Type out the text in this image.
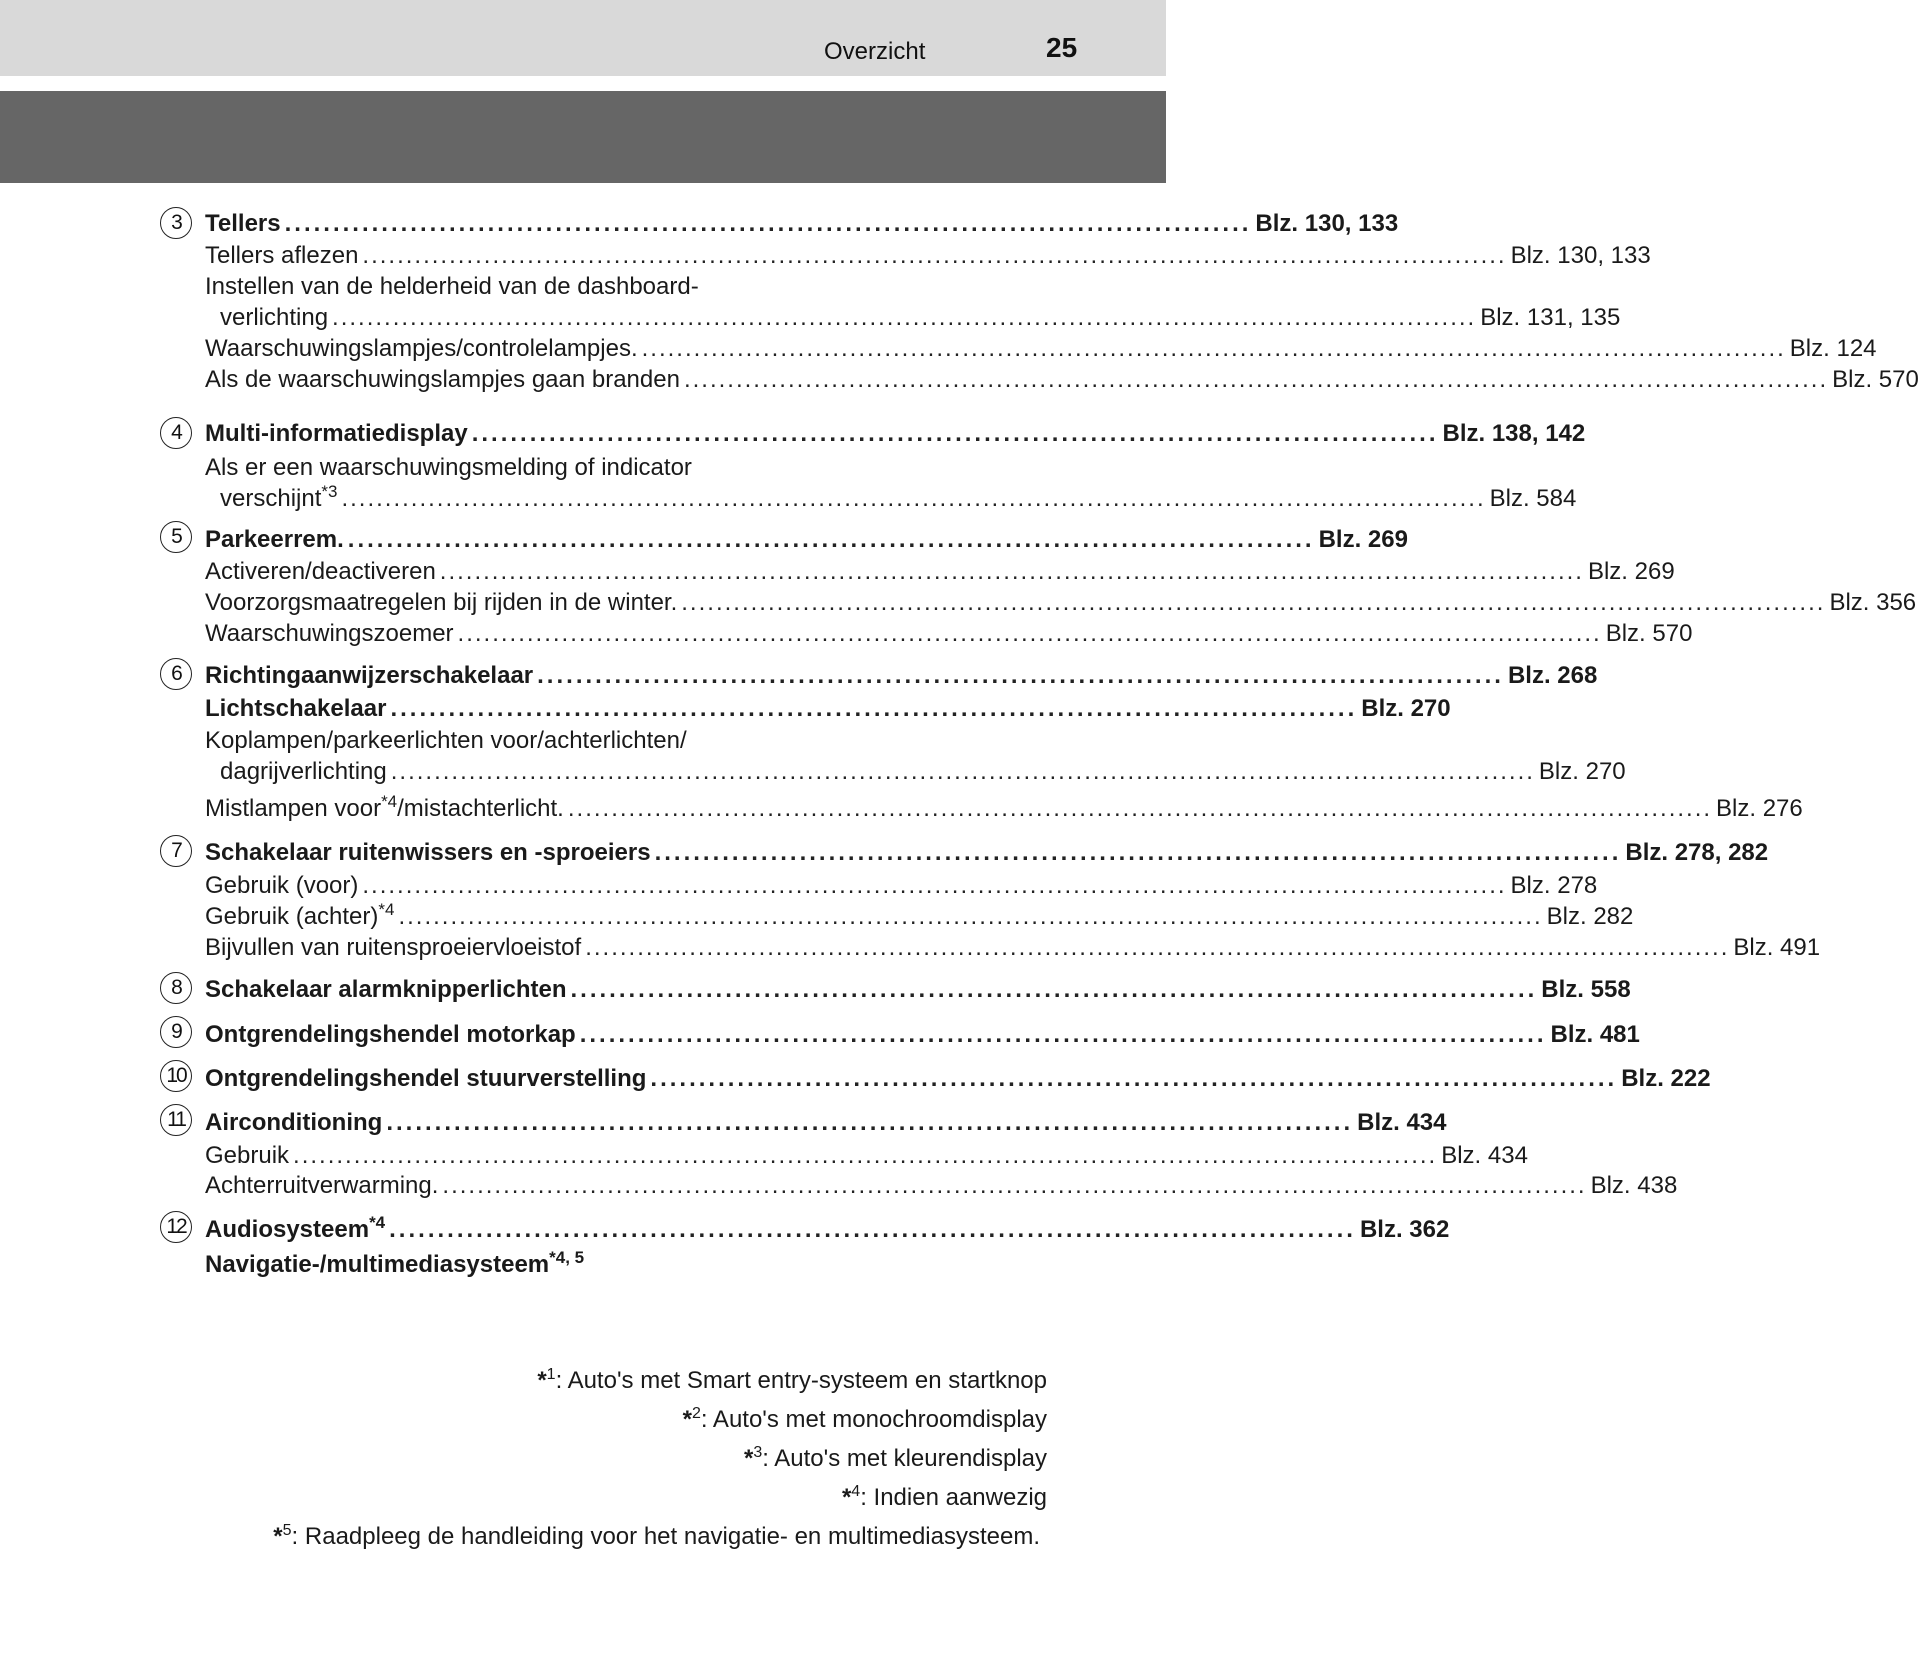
Overzicht	25
3	Tellers .................................................................................................... Blz. 130, 133
Tellers aflezen .................................................................................................................................... Blz. 130, 133
Instellen van de helderheid van de dashboard-
verlichting .................................................................................................................................... Blz. 131, 135
Waarschuwingslampjes/controlelampjes. .................................................................................................................................... Blz. 124
Als de waarschuwingslampjes gaan branden .................................................................................................................................... Blz. 570
4	Multi-informatiedisplay .................................................................................................... Blz. 138, 142
Als er een waarschuwingsmelding of indicator
verschijnt$^{*3}$ .................................................................................................................................... Blz. 584
5	Parkeerrem. .................................................................................................... Blz. 269
Activeren/deactiveren .................................................................................................................................... Blz. 269
Voorzorgsmaatregelen bij rijden in de winter. .................................................................................................................................... Blz. 356
Waarschuwingszoemer .................................................................................................................................... Blz. 570
6	Richtingaanwijzerschakelaar .................................................................................................... Blz. 268
Lichtschakelaar .................................................................................................... Blz. 270
Koplampen/parkeerlichten voor/achterlichten/
dagrijverlichting .................................................................................................................................... Blz. 270
Mistlampen voor$^{*4}$/mistachterlicht. .................................................................................................................................... Blz. 276
7	Schakelaar ruitenwissers en -sproeiers .................................................................................................... Blz. 278, 282
Gebruik (voor) .................................................................................................................................... Blz. 278
Gebruik (achter)$^{*4}$ .................................................................................................................................... Blz. 282
Bijvullen van ruitensproeiervloeistof .................................................................................................................................... Blz. 491
8	Schakelaar alarmknipperlichten .................................................................................................... Blz. 558
9	Ontgrendelingshendel motorkap .................................................................................................... Blz. 481
10 Ontgrendelingshendel stuurverstelling .................................................................................................... Blz. 222
11 Airconditioning .................................................................................................... Blz. 434
Gebruik .................................................................................................................................... Blz. 434
Achterruitverwarming. .................................................................................................................................... Blz. 438
12 Audiosysteem$^{*4}$ .................................................................................................... Blz. 362
Navigatie-/multimediasysteem$^{*4, 5}$
*$^1$: Auto's met Smart entry-systeem en startknop
*$^2$: Auto's met monochroomdisplay
*$^3$: Auto's met kleurendisplay
*$^4$: Indien aanwezig
*$^5$: Raadpleeg de handleiding voor het navigatie- en multimediasysteem.
